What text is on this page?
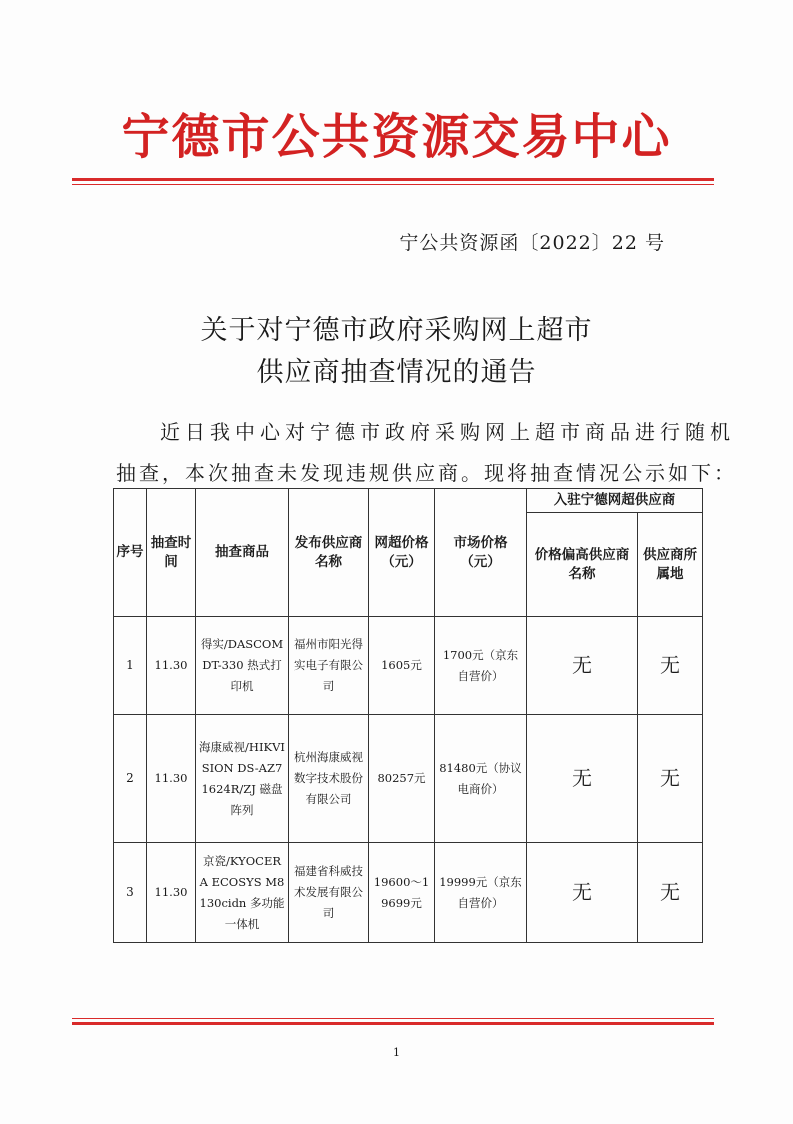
宁德市公共资源交易中心
宁公共资源函〔2022〕22 号
关于对宁德市政府采购网上超市
供应商抽查情况的通告
近日我中心对宁德市政府采购网上超市商品进行随机
抽查，本次抽查未发现违规供应商。现将抽查情况公示如下：
序号	抽查时间	抽查商品	发布供应商名称	网超价格（元）	市场价格（元）	入驻宁德网超供应商	
						价格偏高供应商名称	供应商所属地
1	11.30	得实/DASCOM DT-330 热式打印机	福州市阳光得实电子有限公司	1605元	1700元（京东自营价）	无	无
2	11.30	海康威视/HIKVISION DS-AZ71624R/ZJ 磁盘阵列	杭州海康威视数字技术股份有限公司	80257元	81480元（协议电商价）	无	无
3	11.30	京瓷/KYOCERA ECOSYS M8130cidn 多功能一体机	福建省科威技术发展有限公司	19600～19699元	19999元（京东自营价）	无	无
1
